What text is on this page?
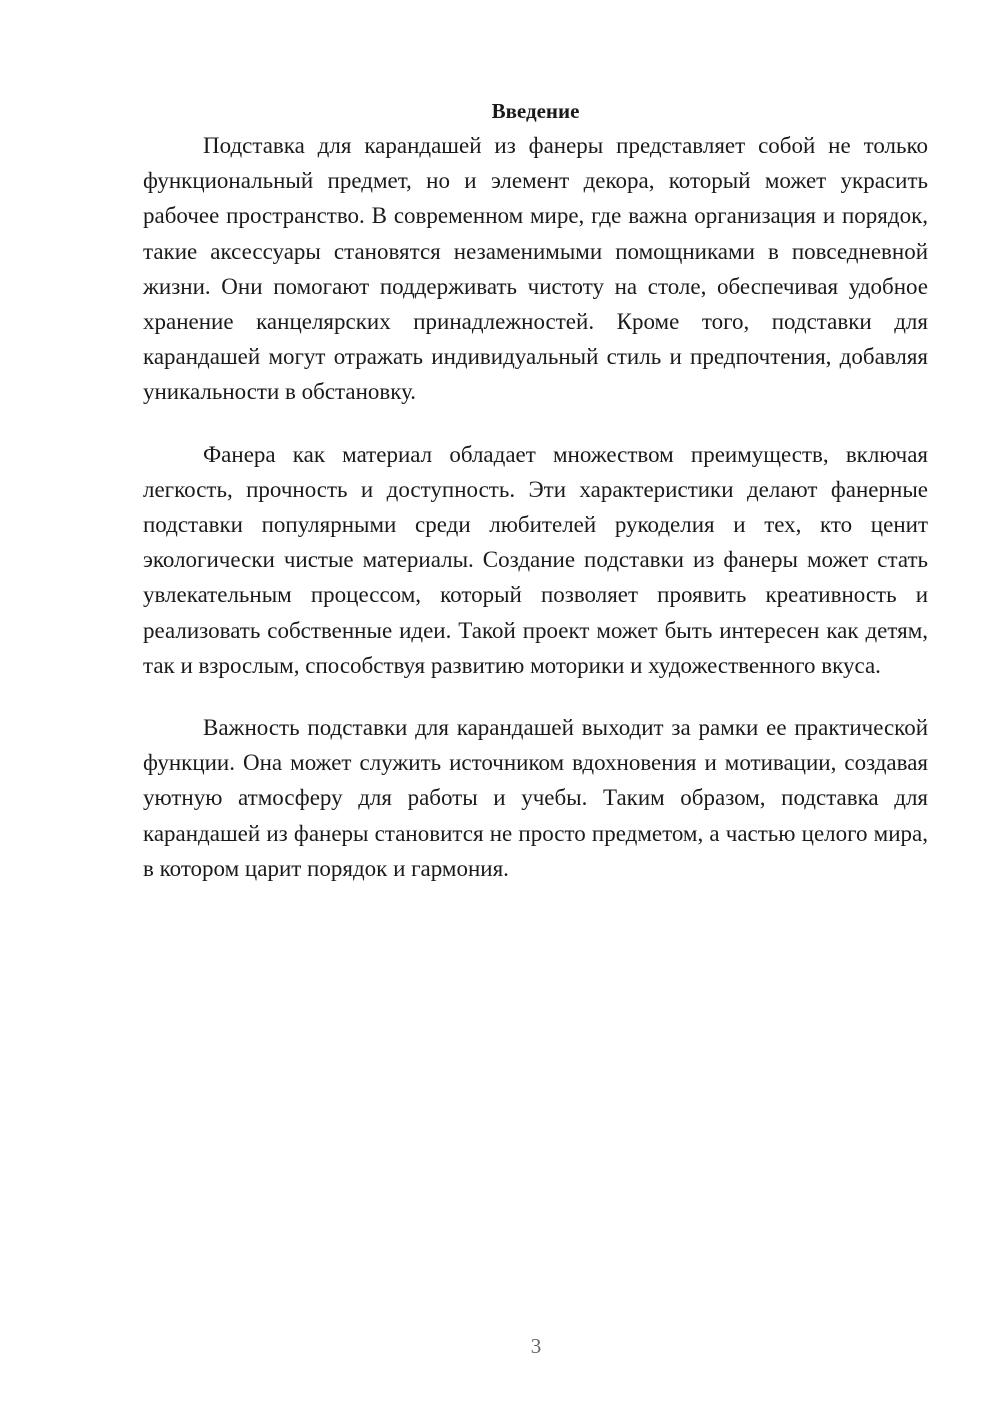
Введение

Подставка для карандашей из фанеры представляет собой не только функциональный предмет, но и элемент декора, который может украсить рабочее пространство. В современном мире, где важна организация и порядок, такие аксессуары становятся незаменимыми помощниками в повседневной жизни. Они помогают поддерживать чистоту на столе, обеспечивая удобное хранение канцелярских принадлежностей. Кроме того, подставки для карандашей могут отражать индивидуальный стиль и предпочтения, добавляя уникальности в обстановку.

Фанера как материал обладает множеством преимуществ, включая легкость, прочность и доступность. Эти характеристики делают фанерные подставки популярными среди любителей рукоделия и тех, кто ценит экологически чистые материалы. Создание подставки из фанеры может стать увлекательным процессом, который позволяет проявить креативность и реализовать собственные идеи. Такой проект может быть интересен как детям, так и взрослым, способствуя развитию моторики и художественного вкуса.

Важность подставки для карандашей выходит за рамки ее практической функции. Она может служить источником вдохновения и мотивации, создавая уютную атмосферу для работы и учебы. Таким образом, подставка для карандашей из фанеры становится не просто предметом, а частью целого мира, в котором царит порядок и гармония.

3
